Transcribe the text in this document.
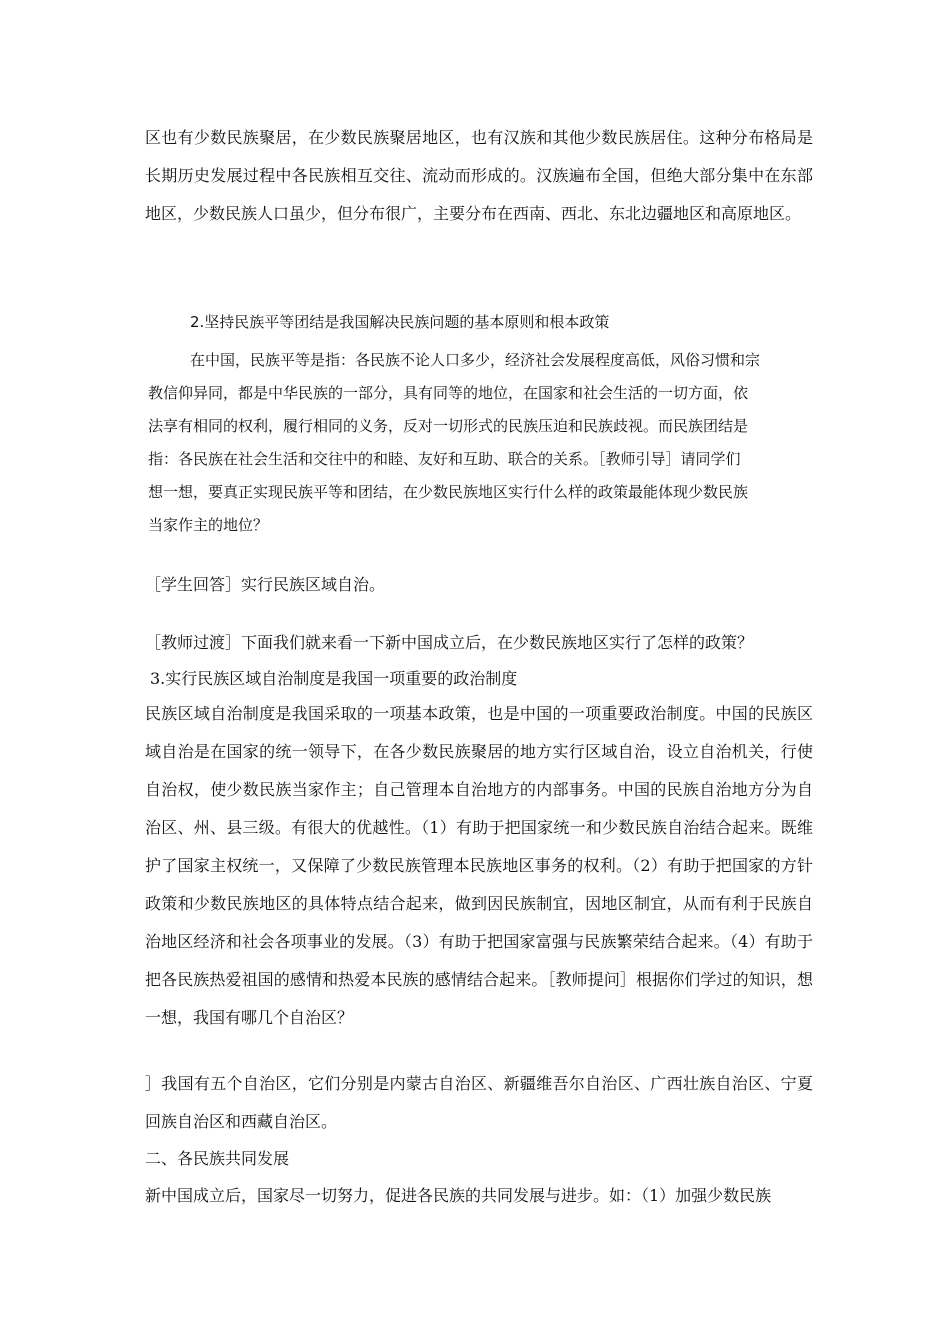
区也有少数民族聚居，在少数民族聚居地区，也有汉族和其他少数民族居住。这种分布格局是长期历史发展过程中各民族相互交往、流动而形成的。汉族遍布全国，但绝大部分集中在东部地区，少数民族人口虽少，但分布很广，主要分布在西南、西北、东北边疆地区和高原地区。

2.坚持民族平等团结是我国解决民族问题的基本原则和根本政策
在中国，民族平等是指：各民族不论人口多少，经济社会发展程度高低，风俗习惯和宗
教信仰异同，都是中华民族的一部分，具有同等的地位，在国家和社会生活的一切方面，依
法享有相同的权利，履行相同的义务，反对一切形式的民族压迫和民族歧视。而民族团结是
指：各民族在社会生活和交往中的和睦、友好和互助、联合的关系。［教师引导］请同学们
想一想，要真正实现民族平等和团结，在少数民族地区实行什么样的政策最能体现少数民族
当家作主的地位？
［学生回答］实行民族区域自治。
［教师过渡］下面我们就来看一下新中国成立后，在少数民族地区实行了怎样的政策？
3.实行民族区域自治制度是我国一项重要的政治制度

民族区域自治制度是我国采取的一项基本政策，也是中国的一项重要政治制度。中国的民族区域自治是在国家的统一领导下，在各少数民族聚居的地方实行区域自治，设立自治机关，行使自治权，使少数民族当家作主；自己管理本自治地方的内部事务。中国的民族自治地方分为自治区、州、县三级。有很大的优越性。（1）有助于把国家统一和少数民族自治结合起来。既维护了国家主权统一，又保障了少数民族管理本民族地区事务的权利。（2）有助于把国家的方针政策和少数民族地区的具体特点结合起来，做到因民族制宜，因地区制宜，从而有利于民族自治地区经济和社会各项事业的发展。（3）有助于把国家富强与民族繁荣结合起来。（4）有助于把各民族热爱祖国的感情和热爱本民族的感情结合起来。［教师提问］根据你们学过的知识，想一想，我国有哪几个自治区？

］我国有五个自治区，它们分别是内蒙古自治区、新疆维吾尔自治区、广西壮族自治区、宁夏回族自治区和西藏自治区。

二、各民族共同发展
新中国成立后，国家尽一切努力，促进各民族的共同发展与进步。如：（1）加强少数民族
